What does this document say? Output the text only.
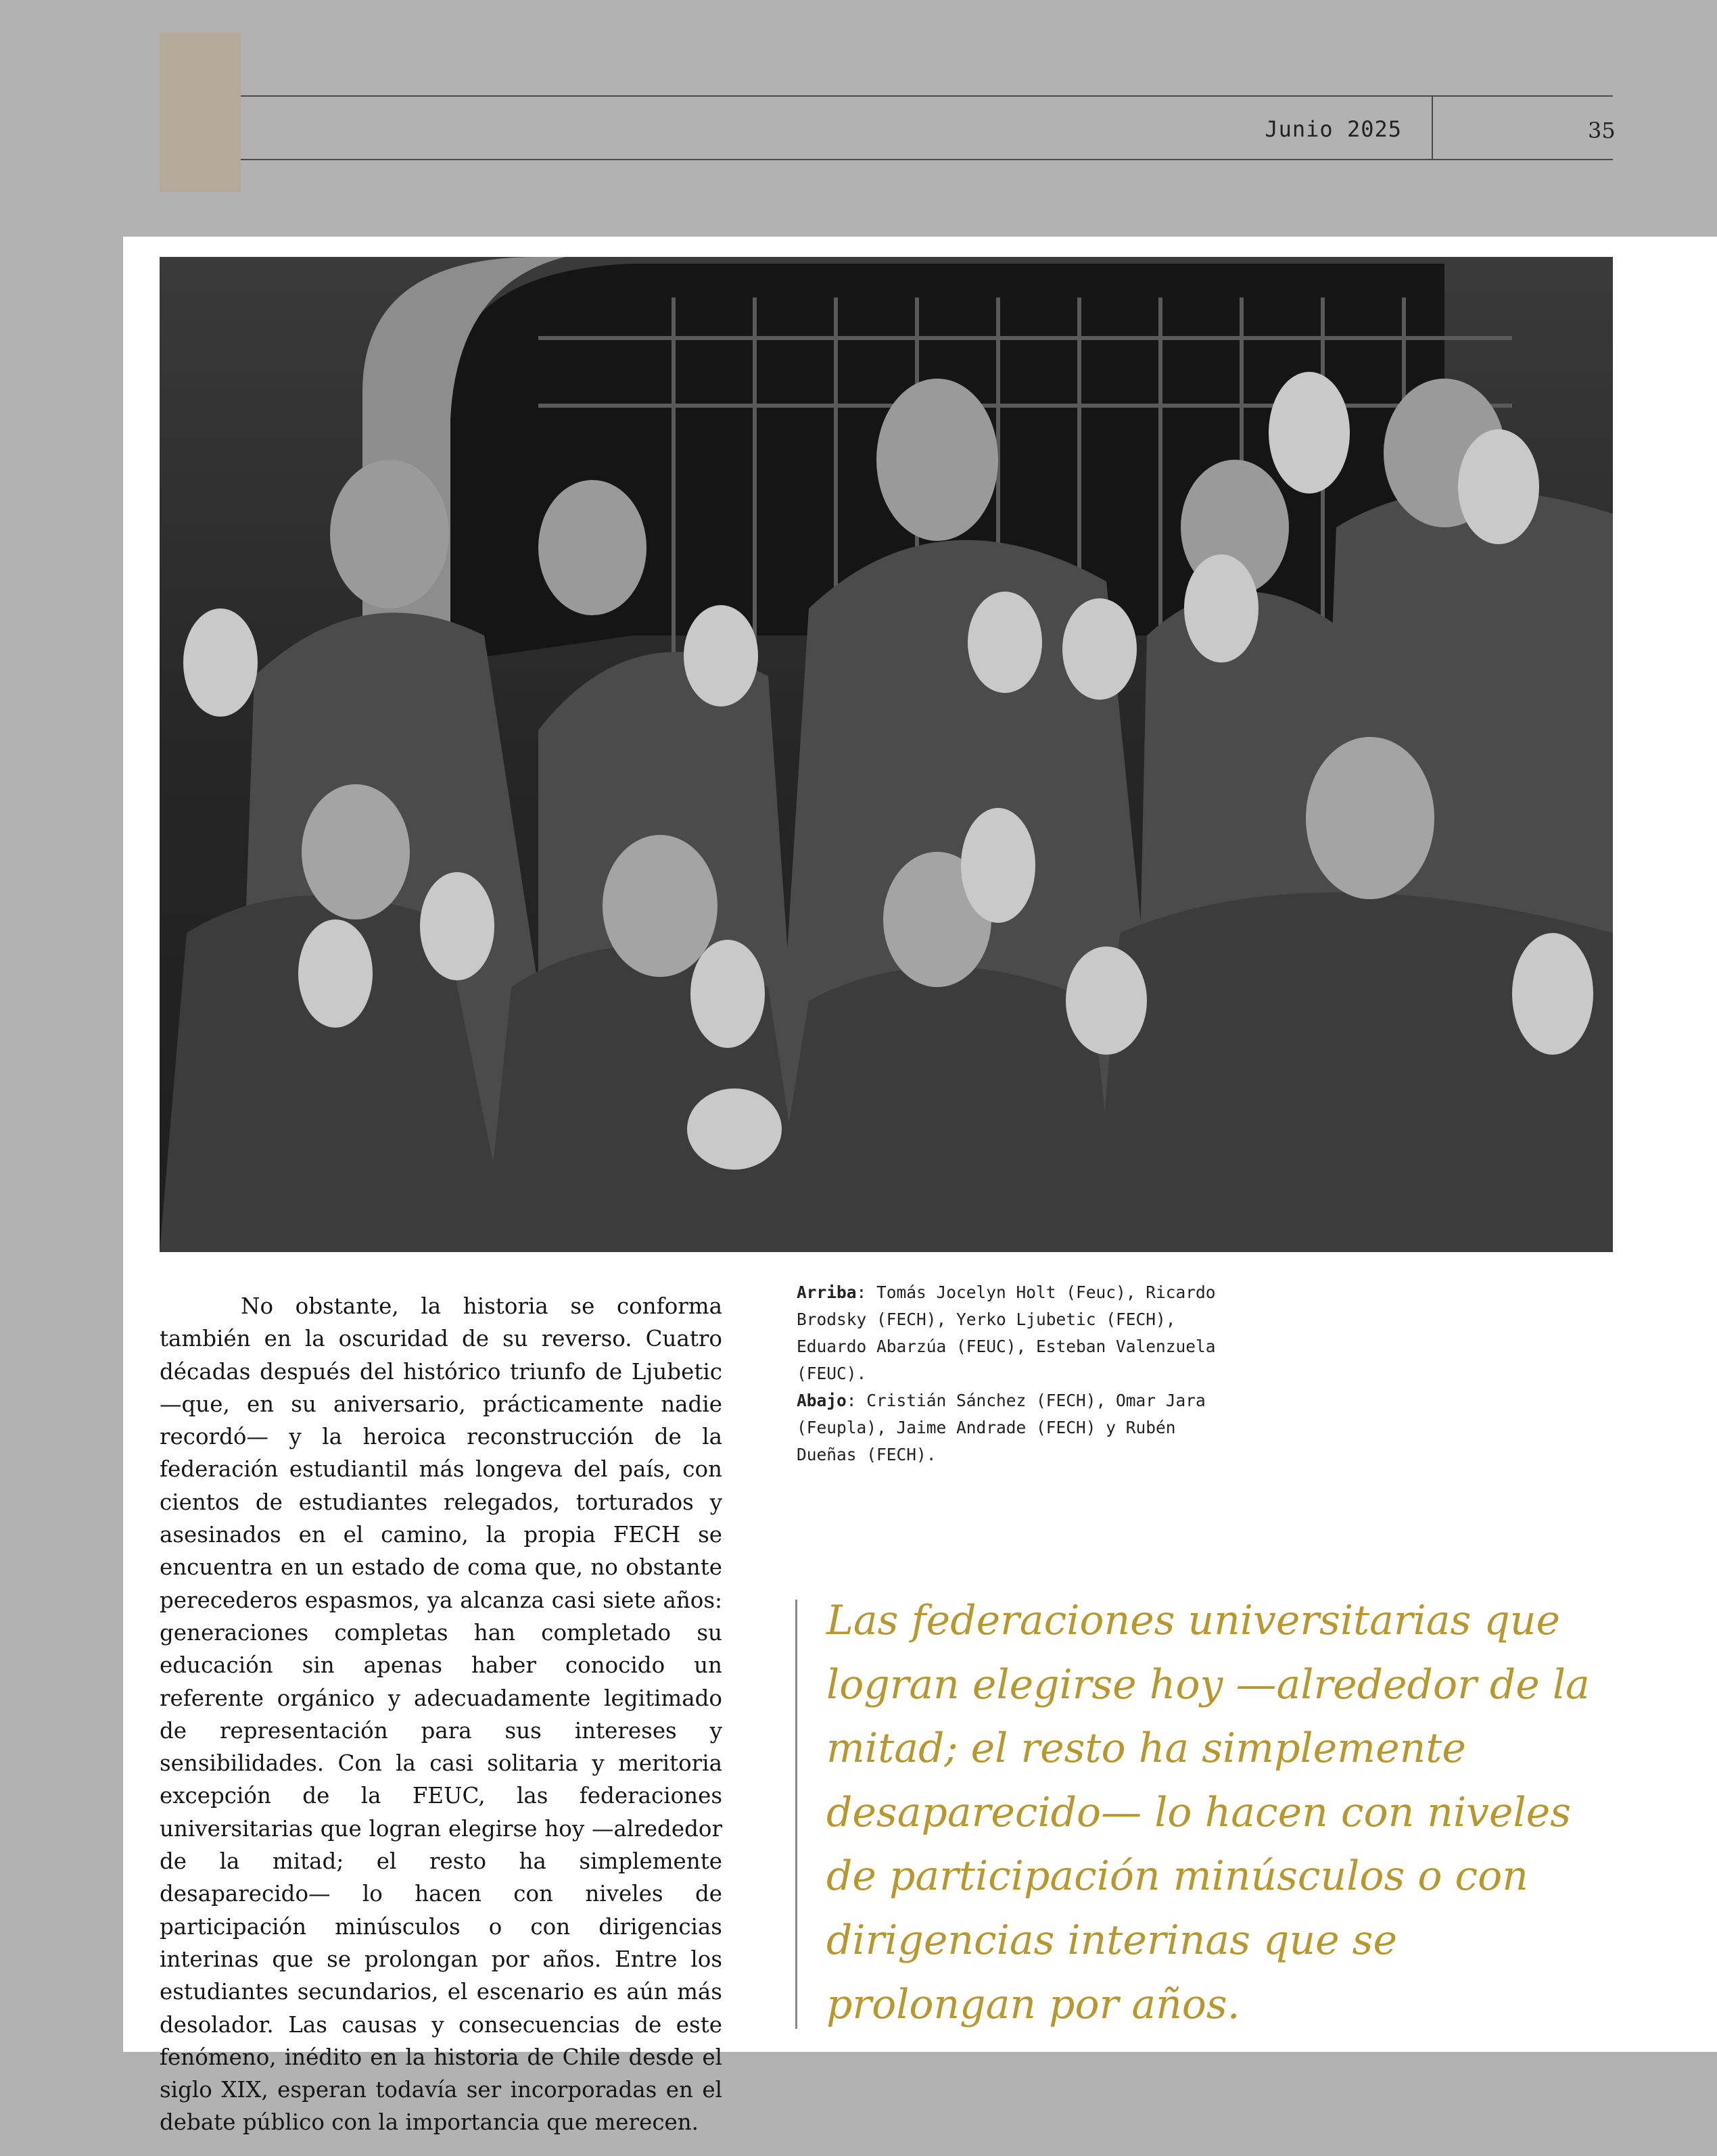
Junio 2025	35

No obstante, la historia se conforma también en la oscuridad de su reverso. Cuatro décadas después del histórico triunfo de Ljubetic —que, en su aniversario, prácticamente nadie recordó— y la heroica reconstrucción de la federación estudiantil más longeva del país, con cientos de estudiantes relegados, torturados y asesinados en el camino, la propia FECH se encuentra en un estado de coma que, no obstante perecederos espasmos, ya alcanza casi siete años: generaciones completas han completado su educación sin apenas haber conocido un referente orgánico y adecuadamente legitimado de representación para sus intereses y sensibilidades. Con la casi solitaria y meritoria excepción de la FEUC, las federaciones universitarias que logran elegirse hoy —alrededor de la mitad; el resto ha simplemente desaparecido— lo hacen con niveles de participación minúsculos o con dirigencias interinas que se prolongan por años. Entre los estudiantes secundarios, el escenario es aún más desolador. Las causas y consecuencias de este fenómeno, inédito en la historia de Chile desde el siglo XIX, esperan todavía ser incorporadas en el debate público con la importancia que merecen.

Arriba: Tomás Jocelyn Holt (Feuc), Ricardo Brodsky (FECH), Yerko Ljubetic (FECH), Eduardo Abarzúa (FEUC), Esteban Valenzuela (FEUC).
Abajo: Cristián Sánchez (FECH), Omar Jara (Feupla), Jaime Andrade (FECH) y Rubén Dueñas (FECH).

Las federaciones universitarias que logran elegirse hoy —alrededor de la mitad; el resto ha simplemente desaparecido— lo hacen con niveles de participación minúsculos o con dirigencias interinas que se prolongan por años.
